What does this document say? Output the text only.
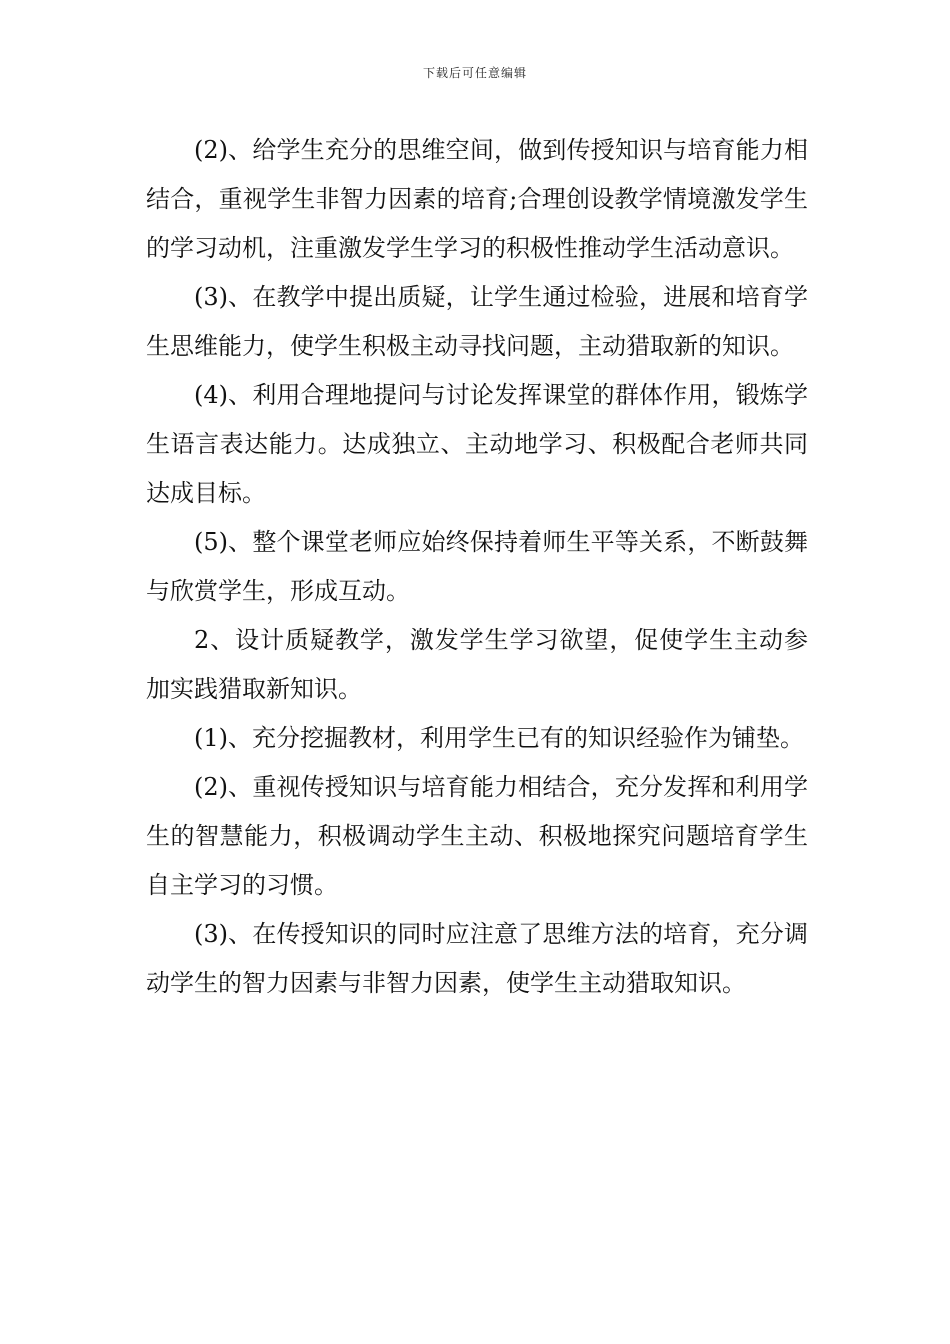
下载后可任意编辑

(2)、给学生充分的思维空间，做到传授知识与培育能力相结合，重视学生非智力因素的培育;合理创设教学情境激发学生的学习动机，注重激发学生学习的积极性推动学生活动意识。

(3)、在教学中提出质疑，让学生通过检验，进展和培育学生思维能力，使学生积极主动寻找问题，主动猎取新的知识。

(4)、利用合理地提问与讨论发挥课堂的群体作用，锻炼学生语言表达能力。达成独立、主动地学习、积极配合老师共同达成目标。

(5)、整个课堂老师应始终保持着师生平等关系，不断鼓舞与欣赏学生，形成互动。

2、设计质疑教学，激发学生学习欲望，促使学生主动参加实践猎取新知识。

(1)、充分挖掘教材，利用学生已有的知识经验作为铺垫。

(2)、重视传授知识与培育能力相结合，充分发挥和利用学生的智慧能力，积极调动学生主动、积极地探究问题培育学生自主学习的习惯。

(3)、在传授知识的同时应注意了思维方法的培育，充分调动学生的智力因素与非智力因素，使学生主动猎取知识。
